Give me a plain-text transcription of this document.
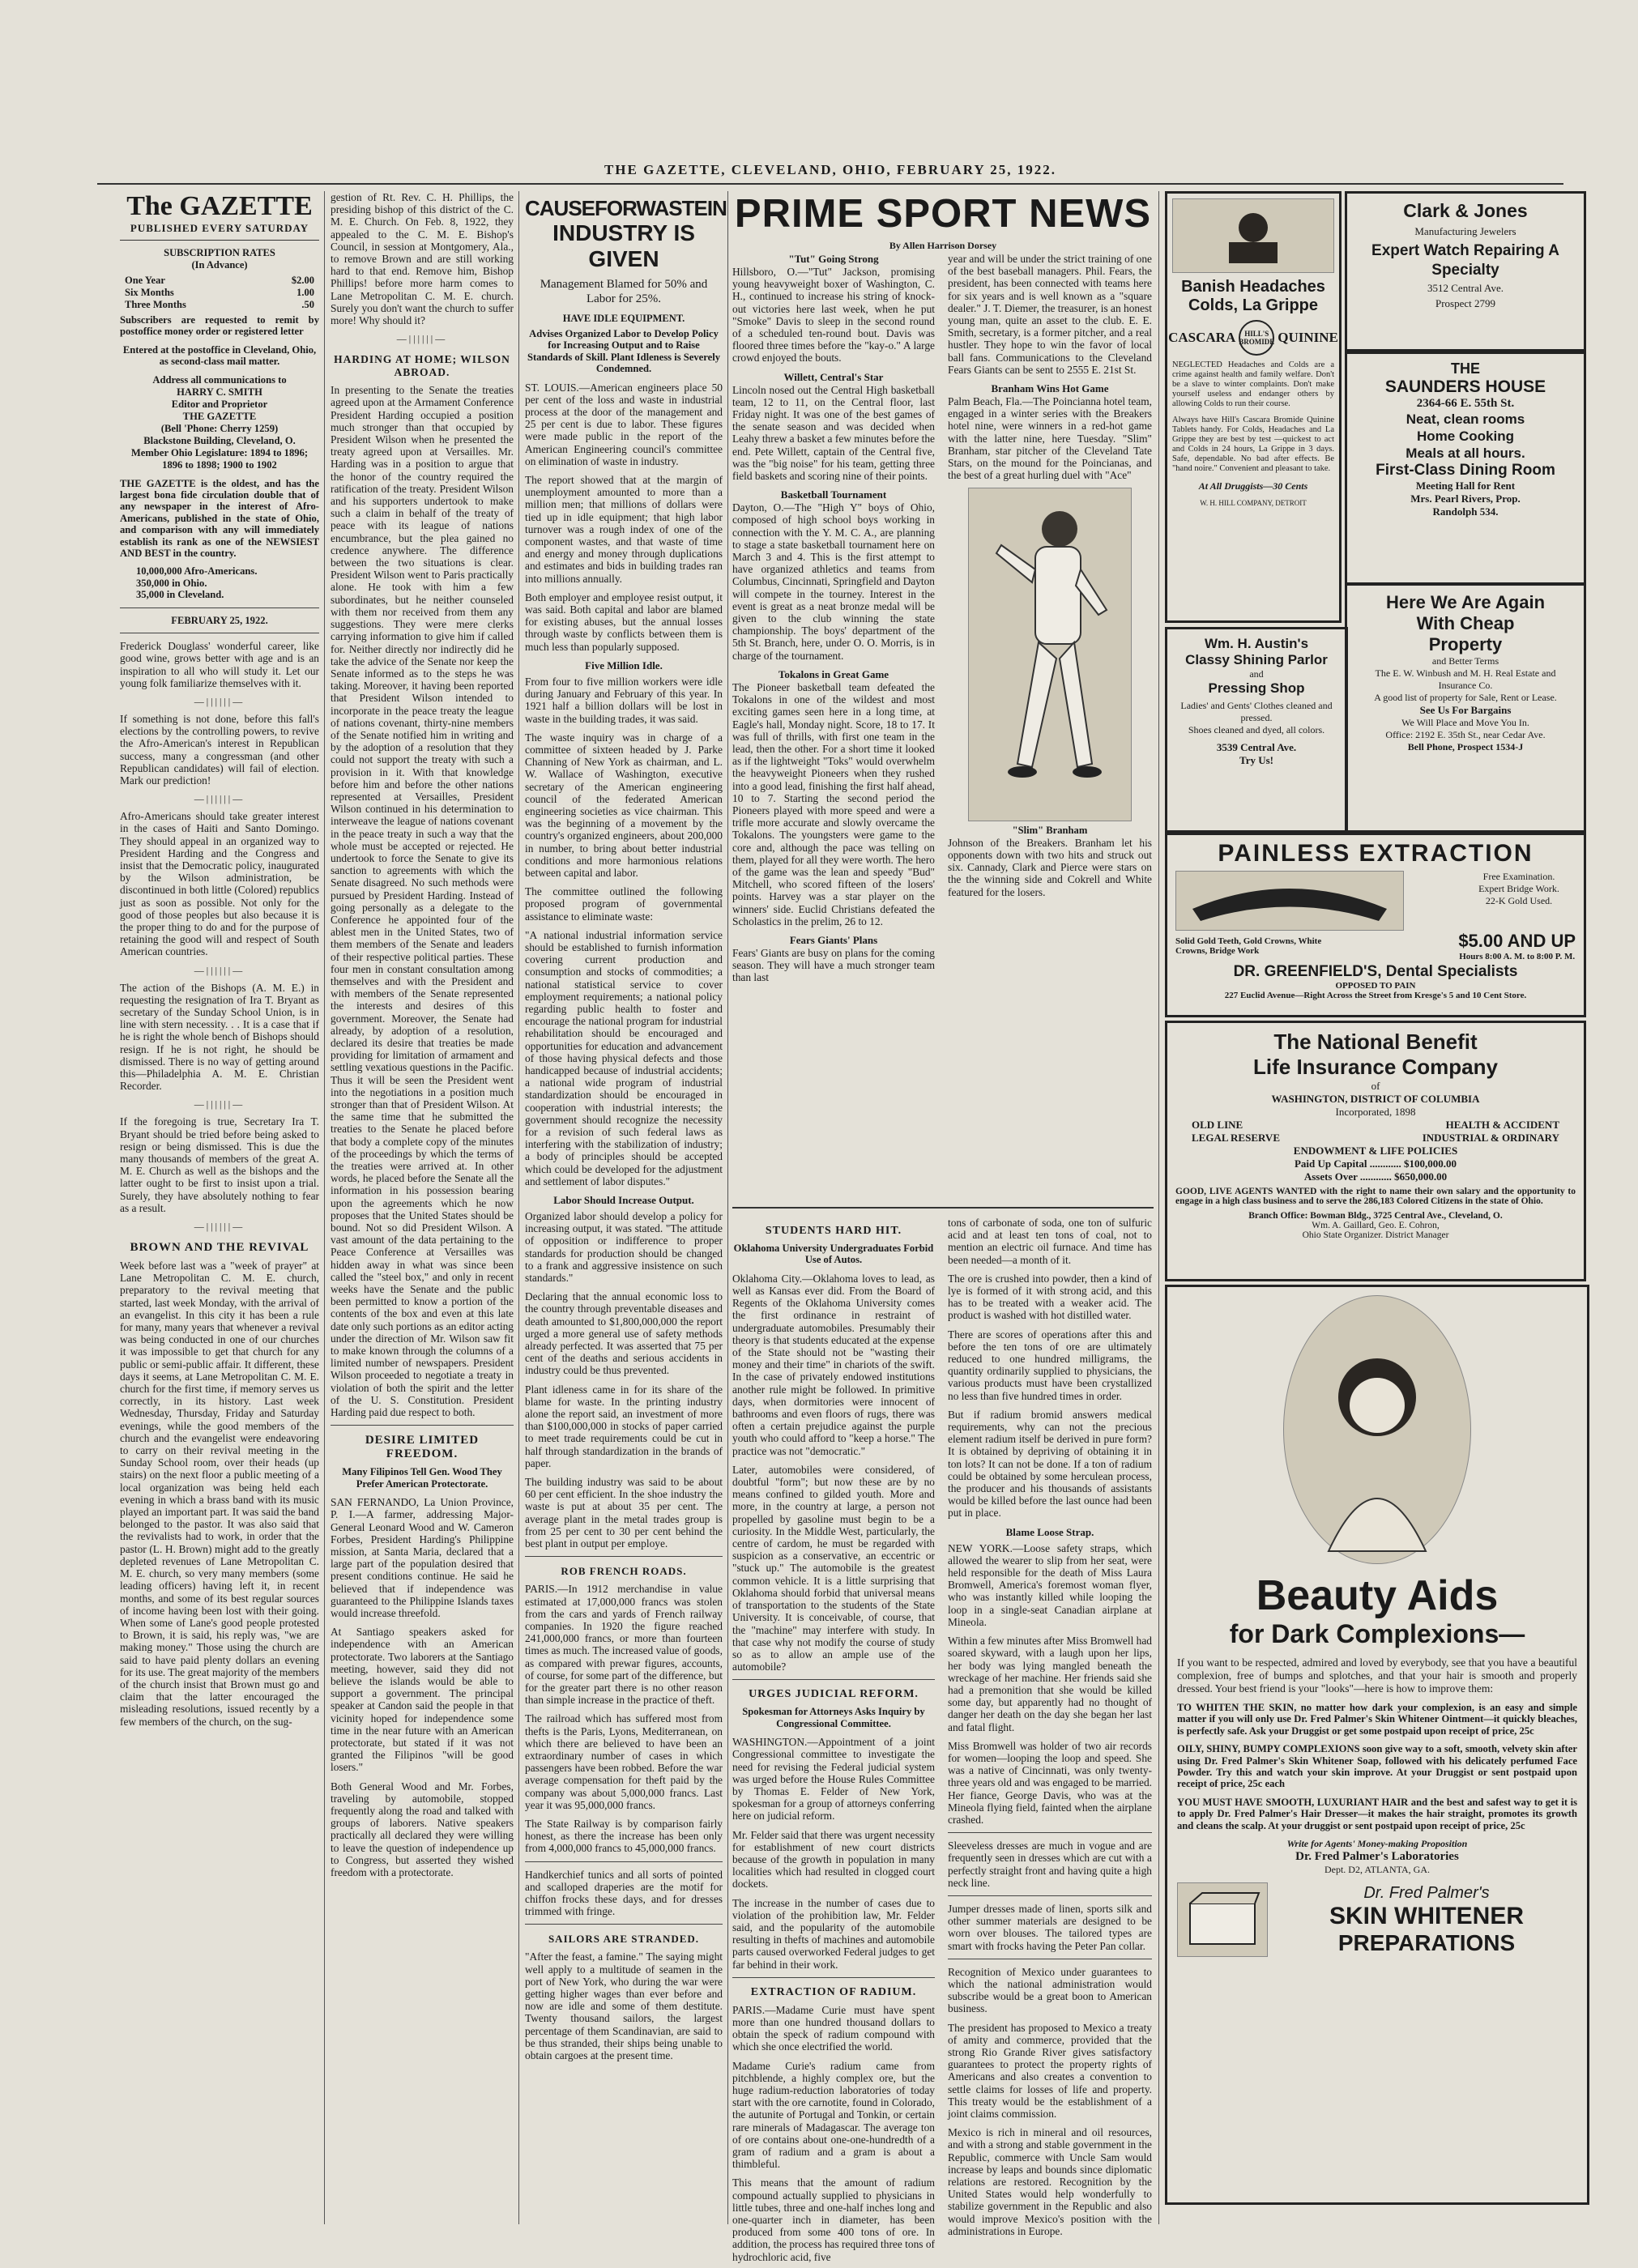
THE GAZETTE, CLEVELAND, OHIO, FEBRUARY 25, 1922.
The GAZETTE
PUBLISHED EVERY SATURDAY
SUBSCRIPTION RATES
(In Advance)
One Year	$2.00
Six Months	1.00
Three Months	.50

Subscribers are requested to remit by postoffice money order or registered letter

Entered at the postoffice in Cleveland, Ohio, as second-class mail matter.

Address all communications to
HARRY C. SMITH
Editor and Proprietor
THE GAZETTE
(Bell 'Phone: Cherry 1259)
Blackstone Building, Cleveland, O.
Member Ohio Legislature: 1894 to 1896; 1896 to 1898; 1900 to 1902

THE GAZETTE is the oldest, and has the largest bona fide circulation double that of any newspaper in the interest of Afro-Americans, published in the state of Ohio, and comparison with any will immediately establish its rank as one of the NEWSIEST AND BEST in the country.

10,000,000 Afro-Americans.
350,000 in Ohio.
35,000 in Cleveland.
FEBRUARY 25, 1922.

Frederick Douglass' wonderful career, like good wine, grows better with age and is an inspiration to all who will study it. Let our young folk familiarize themselves with it.

—||||||—

If something is not done, before this fall's elections by the controlling powers, to revive the Afro-American's interest in Republican success, many a congressman (and other Republican candidates) will fail of election. Mark our prediction!

—||||||—

Afro-Americans should take greater interest in the cases of Haiti and Santo Domingo. They should appeal in an organized way to President Harding and the Congress and insist that the Democratic policy, inaugurated by the Wilson administration, be discontinued in both little (Colored) republics just as soon as possible. Not only for the good of those peoples but also because it is the proper thing to do and for the purpose of retaining the good will and respect of South American countries.

—||||||—

The action of the Bishops (A. M. E.) in requesting the resignation of Ira T. Bryant as secretary of the Sunday School Union, is in line with stern necessity. . . It is a case that if he is right the whole bench of Bishops should resign. If he is not right, he should be dismissed. There is no way of getting around this—Philadelphia A. M. E. Christian Recorder.

—||||||—

If the foregoing is true, Secretary Ira T. Bryant should be tried before being asked to resign or being dismissed. This is due the many thousands of members of the great A. M. E. Church as well as the bishops and the latter ought to be first to insist upon a trial. Surely, they have absolutely nothing to fear as a result.

—||||||—
BROWN AND THE REVIVAL

Week before last was a "week of prayer" at Lane Metropolitan C. M. E. church, preparatory to the revival meeting that started, last week Monday, with the arrival of an evangelist. In this city it has been a rule for many, many years that whenever a revival was being conducted in one of our churches it was impossible to get that church for any public or semi-public affair. It different, these days it seems, at Lane Metropolitan C. M. E. church for the first time, if memory serves us correctly, in its history. Last week Wednesday, Thursday, Friday and Saturday evenings, while the good members of the church and the evangelist were endeavoring to carry on their revival meeting in the Sunday School room, over their heads (up stairs) on the next floor a public meeting of a local organization was being held each evening in which a brass band with its music played an important part. It was said the band belonged to the pastor. It was also said that the revivalists had to work, in order that the pastor (L. H. Brown) might add to the greatly depleted revenues of Lane Metropolitan C. M. E. church, so very many members (some leading officers) having left it, in recent months, and some of its best regular sources of income having been lost with their going. When some of Lane's good people protested to Brown, it is said, his reply was, "we are making money." Those using the church are said to have paid plenty dollars an evening for its use. The great majority of the members of the church insist that Brown must go and claim that the latter encouraged the misleading resolutions, issued recently by a few members of the church, on the sug-

gestion of Rt. Rev. C. H. Phillips, the presiding bishop of this district of the C. M. E. Church. On Feb. 8, 1922, they appealed to the C. M. E. Bishop's Council, in session at Montgomery, Ala., to remove Brown and are still working hard to that end. Remove him, Bishop Phillips! before more harm comes to Lane Metropolitan C. M. E. church. Surely you don't want the church to suffer more! Why should it?

—||||||—
HARDING AT HOME; WILSON ABROAD.

In presenting to the Senate the treaties agreed upon at the Armament Conference President Harding occupied a position much stronger than that occupied by President Wilson when he presented the treaty agreed upon at Versailles. Mr. Harding was in a position to argue that the honor of the country required the ratification of the treaty. President Wilson and his supporters undertook to make such a claim in behalf of the treaty of peace with its league of nations encumbrance, but the plea gained no credence anywhere. The difference between the two situations is clear. President Wilson went to Paris practically alone. He took with him a few subordinates, but he neither counseled with them nor received from them any suggestions. They were mere clerks carrying information to give him if called for. Neither directly nor indirectly did he take the advice of the Senate nor keep the Senate informed as to the steps he was taking. Moreover, it having been reported that President Wilson intended to incorporate in the peace treaty the league of nations covenant, thirty-nine members of the Senate notified him in writing and by the adoption of a resolution that they could not support the treaty with such a provision in it. With that knowledge before him and before the other nations represented at Versailles, President Wilson continued in his determination to interweave the league of nations covenant in the peace treaty in such a way that the whole must be accepted or rejected. He undertook to force the Senate to give its sanction to agreements with which the Senate disagreed. No such methods were pursued by President Harding. Instead of going personally as a delegate to the Conference he appointed four of the ablest men in the United States, two of them members of the Senate and leaders of their respective political parties. These four men in constant consultation among themselves and with the President and with members of the Senate represented the interests and desires of this government. Moreover, the Senate had already, by adoption of a resolution, declared its desire that treaties be made providing for limitation of armament and settling vexatious questions in the Pacific. Thus it will be seen the President went into the negotiations in a position much stronger than that of President Wilson. At the same time that he submitted the treaties to the Senate he placed before that body a complete copy of the minutes of the proceedings by which the terms of the treaties were arrived at. In other words, he placed before the Senate all the information in his possession bearing upon the agreements which he now proposes that the United States should be bound. Not so did President Wilson. A vast amount of the data pertaining to the Peace Conference at Versailles was hidden away in what was since been called the "steel box," and only in recent weeks have the Senate and the public been permitted to know a portion of the contents of the box and even at this late date only such portions as an editor acting under the direction of Mr. Wilson saw fit to make known through the columns of a limited number of newspapers. President Wilson proceeded to negotiate a treaty in violation of both the spirit and the letter of the U. S. Constitution. President Harding paid due respect to both.

DESIRE LIMITED FREEDOM.

Many Filipinos Tell Gen. Wood They Prefer American Protectorate.

SAN FERNANDO, La Union Province, P. I.—A farmer, addressing Major-General Leonard Wood and W. Cameron Forbes, President Harding's Philippine mission, at Santa Maria, declared that a large part of the population desired that present conditions continue. He said he believed that if independence was guaranteed to the Philippine Islands taxes would increase threefold.

At Santiago speakers asked for independence with an American protectorate. Two laborers at the Santiago meeting, however, said they did not believe the islands would be able to support a government. The principal speaker at Candon said the people in that vicinity hoped for independence some time in the near future with an American protectorate, but stated if it was not granted the Filipinos "will be good losers."

Both General Wood and Mr. Forbes, traveling by automobile, stopped frequently along the road and talked with groups of laborers. Native speakers practically all declared they were willing to leave the question of independence up to Congress, but asserted they wished freedom with a protectorate.

CAUSEFORWASTEIN
INDUSTRY IS GIVEN

Management Blamed for 50% and Labor for 25%.

HAVE IDLE EQUIPMENT.

Advises Organized Labor to Develop Policy for Increasing Output and to Raise Standards of Skill. Plant Idleness is Severely Condemned.

ST. LOUIS.—American engineers place 50 per cent of the loss and waste in industrial process at the door of the management and 25 per cent is due to labor. These figures were made public in the report of the American Engineering council's committee on elimination of waste in industry.

The report showed that at the margin of unemployment amounted to more than a million men; that millions of dollars were tied up in idle equipment; that high labor turnover was a rough index of one of the component wastes, and that waste of time and energy and money through duplications and estimates and bids in building trades ran into millions annually.

Both employer and employee resist output, it was said. Both capital and labor are blamed for existing abuses, but the annual losses through waste by conflicts between them is much less than popularly supposed.

Five Million Idle.

From four to five million workers were idle during January and February of this year. In 1921 half a billion dollars will be lost in waste in the building trades, it was said.

The waste inquiry was in charge of a committee of sixteen headed by J. Parke Channing of New York as chairman, and L. W. Wallace of Washington, executive secretary of the American engineering council of the federated American engineering societies as vice chairman. This was the beginning of a movement by the country's organized engineers, about 200,000 in number, to bring about better industrial conditions and more harmonious relations between capital and labor.

The committee outlined the following proposed program of governmental assistance to eliminate waste:

"A national industrial information service should be established to furnish information covering current production and consumption and stocks of commodities; a national statistical service to cover employment requirements; a national policy regarding public health to foster and encourage the national program for industrial rehabilitation should be encouraged and opportunities for education and advancement of those having physical defects and those handicapped because of industrial accidents; a national wide program of industrial standardization should be encouraged in cooperation with industrial interests; the government should recognize the necessity for a revision of such federal laws as interfering with the stabilization of industry; a body of principles should be accepted which could be developed for the adjustment and settlement of labor disputes."

Labor Should Increase Output.

Organized labor should develop a policy for increasing output, it was stated. "The attitude of opposition or indifference to proper standards for production should be changed to a frank and aggressive insistence on such standards."

Declaring that the annual economic loss to the country through preventable diseases and death amounted to $1,800,000,000 the report urged a more general use of safety methods already perfected. It was asserted that 75 per cent of the deaths and serious accidents in industry could be thus prevented.

Plant idleness came in for its share of the blame for waste. In the printing industry alone the report said, an investment of more than $100,000,000 in stocks of paper carried to meet trade requirements could be cut in half through standardization in the brands of paper.

The building industry was said to be about 60 per cent efficient. In the shoe industry the waste is put at about 35 per cent. The average plant in the metal trades group is from 25 per cent to 30 per cent behind the best plant in output per employe.

ROB FRENCH ROADS.

PARIS.—In 1912 merchandise in value estimated at 17,000,000 francs was stolen from the cars and yards of French railway companies. In 1920 the figure reached 241,000,000 francs, or more than fourteen times as much. The increased value of goods, as compared with prewar figures, accounts, of course, for some part of the difference, but for the greater part there is no other reason than simple increase in the practice of theft.

The railroad which has suffered most from thefts is the Paris, Lyons, Mediterranean, on which there are believed to have been an extraordinary number of cases in which passengers have been robbed. Before the war average compensation for theft paid by the company was about 5,000,000 francs. Last year it was 95,000,000 francs.

The State Railway is by comparison fairly honest, as there the increase has been only from 4,000,000 francs to 45,000,000 francs.

Handkerchief tunics and all sorts of pointed and scalloped draperies are the motif for chiffon frocks these days, and for dresses trimmed with fringe.

SAILORS ARE STRANDED.

"After the feast, a famine." The saying might well apply to a multitude of seamen in the port of New York, who during the war were getting higher wages than ever before and now are idle and some of them destitute. Twenty thousand sailors, the largest percentage of them Scandinavian, are said to be thus stranded, their ships being unable to obtain cargoes at the present time.

PRIME SPORT NEWS
By Allen Harrison Dorsey
"Tut" Going Strong

Hillsboro, O.—"Tut" Jackson, promising young heavyweight boxer of Washington, C. H., continued to increase his string of knock-out victories here last week, when he put "Smoke" Davis to sleep in the second round of a scheduled ten-round bout. Davis was floored three times before the "kay-o." A large crowd enjoyed the bouts.

Willett, Central's Star

Lincoln nosed out the Central High basketball team, 12 to 11, on the Central floor, last Friday night. It was one of the best games of the senate season and was decided when Leahy threw a basket a few minutes before the end. Pete Willett, captain of the Central five, was the "big noise" for his team, getting three field baskets and scoring nine of their points.

Basketball Tournament

Dayton, O.—The "High Y" boys of Ohio, composed of high school boys working in connection with the Y. M. C. A., are planning to stage a state basketball tournament here on March 3 and 4. This is the first attempt to have organized athletics and teams from Columbus, Cincinnati, Springfield and Dayton will compete in the tourney. Interest in the event is great as a neat bronze medal will be given to the club winning the state championship. The boys' department of the 5th St. Branch, here, under O. O. Morris, is in charge of the tournament.

Tokalons in Great Game

The Pioneer basketball team defeated the Tokalons in one of the wildest and most exciting games seen here in a long time, at Eagle's hall, Monday night. Score, 18 to 17. It was full of thrills, with first one team in the lead, then the other. For a short time it looked as if the lightweight "Toks" would overwhelm the heavyweight Pioneers when they rushed into a good lead, finishing the first half ahead, 10 to 7. Starting the second period the Pioneers played with more speed and were a trifle more accurate and slowly overcame the Tokalons. The youngsters were game to the core and, although the pace was telling on them, played for all they were worth. The hero of the game was the lean and speedy "Bud" Mitchell, who scored fifteen of the losers' points. Harvey was a star player on the winners' side. Euclid Christians defeated the Scholastics in the prelim, 26 to 12.

Fears Giants' Plans

Fears' Giants are busy on plans for the coming season. They will have a much stronger team than last

year and will be under the strict training of one of the best baseball managers. Phil. Fears, the president, has been connected with teams here for six years and is well known as a "square dealer." J. T. Diemer, the treasurer, is an honest young man, quite an asset to the club. E. E. Smith, secretary, is a former pitcher, and a real hustler. They hope to win the favor of local ball fans. Communications to the Cleveland Fears Giants can be sent to 2555 E. 21st St.

Branham Wins Hot Game

Palm Beach, Fla.—The Poincianna hotel team, engaged in a winter series with the Breakers hotel nine, were winners in a red-hot game with the latter nine, here Tuesday. "Slim" Branham, star pitcher of the Cleveland Tate Stars, on the mound for the Poincianas, and the best of a great hurling duel with "Ace"

"Slim" Branham

Johnson of the Breakers. Branham let his opponents down with two hits and struck out six. Cannady, Clark and Pierce were stars on the the winning side and Cokrell and White featured for the losers.

STUDENTS HARD HIT.

Oklahoma University Undergraduates Forbid Use of Autos.

Oklahoma City.—Oklahoma loves to lead, as well as Kansas ever did. From the Board of Regents of the Oklahoma University comes the first ordinance in restraint of undergraduate automobiles. Presumably their theory is that students educated at the expense of the State should not be "wasting their money and their time" in chariots of the swift. In the case of privately endowed institutions another rule might be followed. In primitive days, when dormitories were innocent of bathrooms and even floors of rugs, there was often a certain prejudice against the purple youth who could afford to "keep a horse." The practice was not "democratic."

Later, automobiles were considered, of doubtful "form"; but now these are by no means confined to gilded youth. More and more, in the country at large, a person not propelled by gasoline must begin to be a curiosity. In the Middle West, particularly, the centre of cardom, he must be regarded with suspicion as a conservative, an eccentric or "stuck up." The automobile is the greatest common vehicle. It is a little surprising that Oklahoma should forbid that universal means of transportation to the students of the State University. It is conceivable, of course, that the "machine" may interfere with study. In that case why not modify the course of study so as to allow an ample use of the automobile?

URGES JUDICIAL REFORM.

Spokesman for Attorneys Asks Inquiry by Congressional Committee.

WASHINGTON.—Appointment of a joint Congressional committee to investigate the need for revising the Federal judicial system was urged before the House Rules Committee by Thomas E. Felder of New York, spokesman for a group of attorneys conferring here on judicial reform.

Mr. Felder said that there was urgent necessity for establishment of new court districts because of the growth in population in many localities which had resulted in clogged court dockets.

The increase in the number of cases due to violation of the prohibition law, Mr. Felder said, and the popularity of the automobile resulting in thefts of machines and automobile parts caused overworked Federal judges to get far behind in their work.

EXTRACTION OF RADIUM.

PARIS.—Madame Curie must have spent more than one hundred thousand dollars to obtain the speck of radium compound with which she once electrified the world.

Madame Curie's radium came from pitchblende, a highly complex ore, but the huge radium-reduction laboratories of today start with the ore carnotite, found in Colorado, the autunite of Portugal and Tonkin, or certain rare minerals of Madagascar. The average ton of ore contains about one-one-hundredth of a gram of radium and a gram is about a thimbleful.

This means that the amount of radium compound actually supplied to physicians in little tubes, three and one-half inches long and one-quarter inch in diameter, has been produced from some 400 tons of ore. In addition, the process has required three tons of hydrochloric acid, five

tons of carbonate of soda, one ton of sulfuric acid and at least ten tons of coal, not to mention an electric oil furnace. And time has been needed—a month of it.

The ore is crushed into powder, then a kind of lye is formed of it with strong acid, and this has to be treated with a weaker acid. The product is washed with hot distilled water.

There are scores of operations after this and before the ten tons of ore are ultimately reduced to one hundred milligrams, the quantity ordinarily supplied to physicians, the various products must have been crystallized no less than five hundred times in order.

But if radium bromid answers medical requirements, why can not the precious element radium itself be derived in pure form? It is obtained by depriving of obtaining it in ton lots? It can not be done. If a ton of radium could be obtained by some herculean process, the producer and his thousands of assistants would be killed before the last ounce had been put in place.

Blame Loose Strap.

NEW YORK.—Loose safety straps, which allowed the wearer to slip from her seat, were held responsible for the death of Miss Laura Bromwell, America's foremost woman flyer, who was instantly killed while looping the loop in a single-seat Canadian airplane at Mineola.

Within a few minutes after Miss Bromwell had soared skyward, with a laugh upon her lips, her body was lying mangled beneath the wreckage of her machine. Her friends said she had a premonition that she would be killed some day, but apparently had no thought of danger her death on the day she began her last and fatal flight.

Miss Bromwell was holder of two air records for women—looping the loop and speed. She was a native of Cincinnati, was only twenty-three years old and was engaged to be married. Her fiance, George Davis, who was at the Mineola flying field, fainted when the airplane crashed.

Sleeveless dresses are much in vogue and are frequently seen in dresses which are cut with a perfectly straight front and having quite a high neck line.

Jumper dresses made of linen, sports silk and other summer materials are designed to be worn over blouses. The tailored types are smart with frocks having the Peter Pan collar.

Recognition of Mexico under guarantees to which the national administration would subscribe would be a great boon to American business.

The president has proposed to Mexico a treaty of amity and commerce, provided that the strong Rio Grande River gives satisfactory guarantees to protect the property rights of Americans and also creates a convention to settle claims for losses of life and property. This treaty would be the establishment of a joint claims commission.

Mexico is rich in mineral and oil resources, and with a strong and stable government in the Republic, commerce with Uncle Sam would increase by leaps and bounds since diplomatic relations are restored. Recognition by the United States would help wonderfully to stabilize government in the Republic and also would improve Mexico's position with the administrations in Europe.

Banish Headaches
Colds, La Grippe
CASCARA HILL'S
BROMIDE QUININE

NEGLECTED Headaches and Colds are a crime against health and family welfare. Don't be a slave to winter complaints. Don't make yourself useless and endanger others by allowing Colds to run their course.

Always have Hill's Cascara Bromide Quinine Tablets handy. For Colds, Headaches and La Grippe they are best by test —quickest to act and Colds in 24 hours, La Grippe in 3 days. Safe, dependable. No bad after effects. Be "hand noire." Convenient and pleasant to take.

At All Druggists—30 Cents
W. H. HILL COMPANY, DETROIT
Clark & Jones
Manufacturing Jewelers
Expert Watch Repairing A Specialty
3512 Central Ave.
Prospect 2799
THE
SAUNDERS HOUSE
2364-66 E. 55th St.
Neat, clean rooms
Home Cooking
Meals at all hours.
First-Class Dining Room
Meeting Hall for Rent
Mrs. Pearl Rivers, Prop.
Randolph 534.
Wm. H. Austin's
Classy Shining Parlor
and
Pressing Shop
Ladies' and Gents' Clothes cleaned and pressed.
Shoes cleaned and dyed, all colors.
3539 Central Ave.
Try Us!
Here We Are Again
With Cheap
Property
and Better Terms
The E. W. Winbush and M. H. Real Estate and Insurance Co.
A good list of property for Sale, Rent or Lease.
See Us For Bargains
We Will Place and Move You In.
Office: 2192 E. 35th St., near Cedar Ave.
Bell Phone, Prospect 1534-J
PAINLESS EXTRACTION
Free Examination.
Expert Bridge Work.
22-K Gold Used.
Solid Gold Teeth, Gold Crowns, White Crowns, Bridge Work	$5.00 AND UP
Hours 8:00 A. M. to 8:00 P. M.
DR. GREENFIELD'S, Dental Specialists
OPPOSED TO PAIN
227 Euclid Avenue—Right Across the Street from Kresge's 5 and 10 Cent Store.
The National Benefit
Life Insurance Company
of
WASHINGTON, DISTRICT OF COLUMBIA
Incorporated, 1898
OLD LINE	HEALTH & ACCIDENT
LEGAL RESERVE	INDUSTRIAL & ORDINARY
ENDOWMENT & LIFE POLICIES
Paid Up Capital ............ $100,000.00
Assets Over ............ $650,000.00
GOOD, LIVE AGENTS WANTED with the right to name their own salary and the opportunity to engage in a high class business and to serve the 286,183 Colored Citizens in the state of Ohio.
Branch Office: Bowman Bldg., 3725 Central Ave., Cleveland, O.
Wm. A. Gaillard, Geo. E. Cohron,
Ohio State Organizer. District Manager
Beauty Aids
for Dark Complexions—

If you want to be respected, admired and loved by everybody, see that you have a beautiful complexion, free of bumps and splotches, and that your hair is smooth and properly dressed. Your best friend is your "looks"—here is how to improve them:

TO WHITEN THE SKIN, no matter how dark your complexion, is an easy and simple matter if you will only use Dr. Fred Palmer's Skin Whitener Ointment—it quickly bleaches, is perfectly safe. Ask your Druggist or get some postpaid upon receipt of price, 25c

OILY, SHINY, BUMPY COMPLEXIONS soon give way to a soft, smooth, velvety skin after using Dr. Fred Palmer's Skin Whitener Soap, followed with his delicately perfumed Face Powder. Try this and watch your skin improve. At your Druggist or sent postpaid upon receipt of price, 25c each

YOU MUST HAVE SMOOTH, LUXURIANT HAIR and the best and safest way to get it is to apply Dr. Fred Palmer's Hair Dresser—it makes the hair straight, promotes its growth and cleans the scalp. At your druggist or sent postpaid upon receipt of price, 25c

Write for Agents' Money-making Proposition
Dr. Fred Palmer's Laboratories
Dept. D2, ATLANTA, GA.
Dr. Fred Palmer's
SKIN WHITENER
PREPARATIONS
